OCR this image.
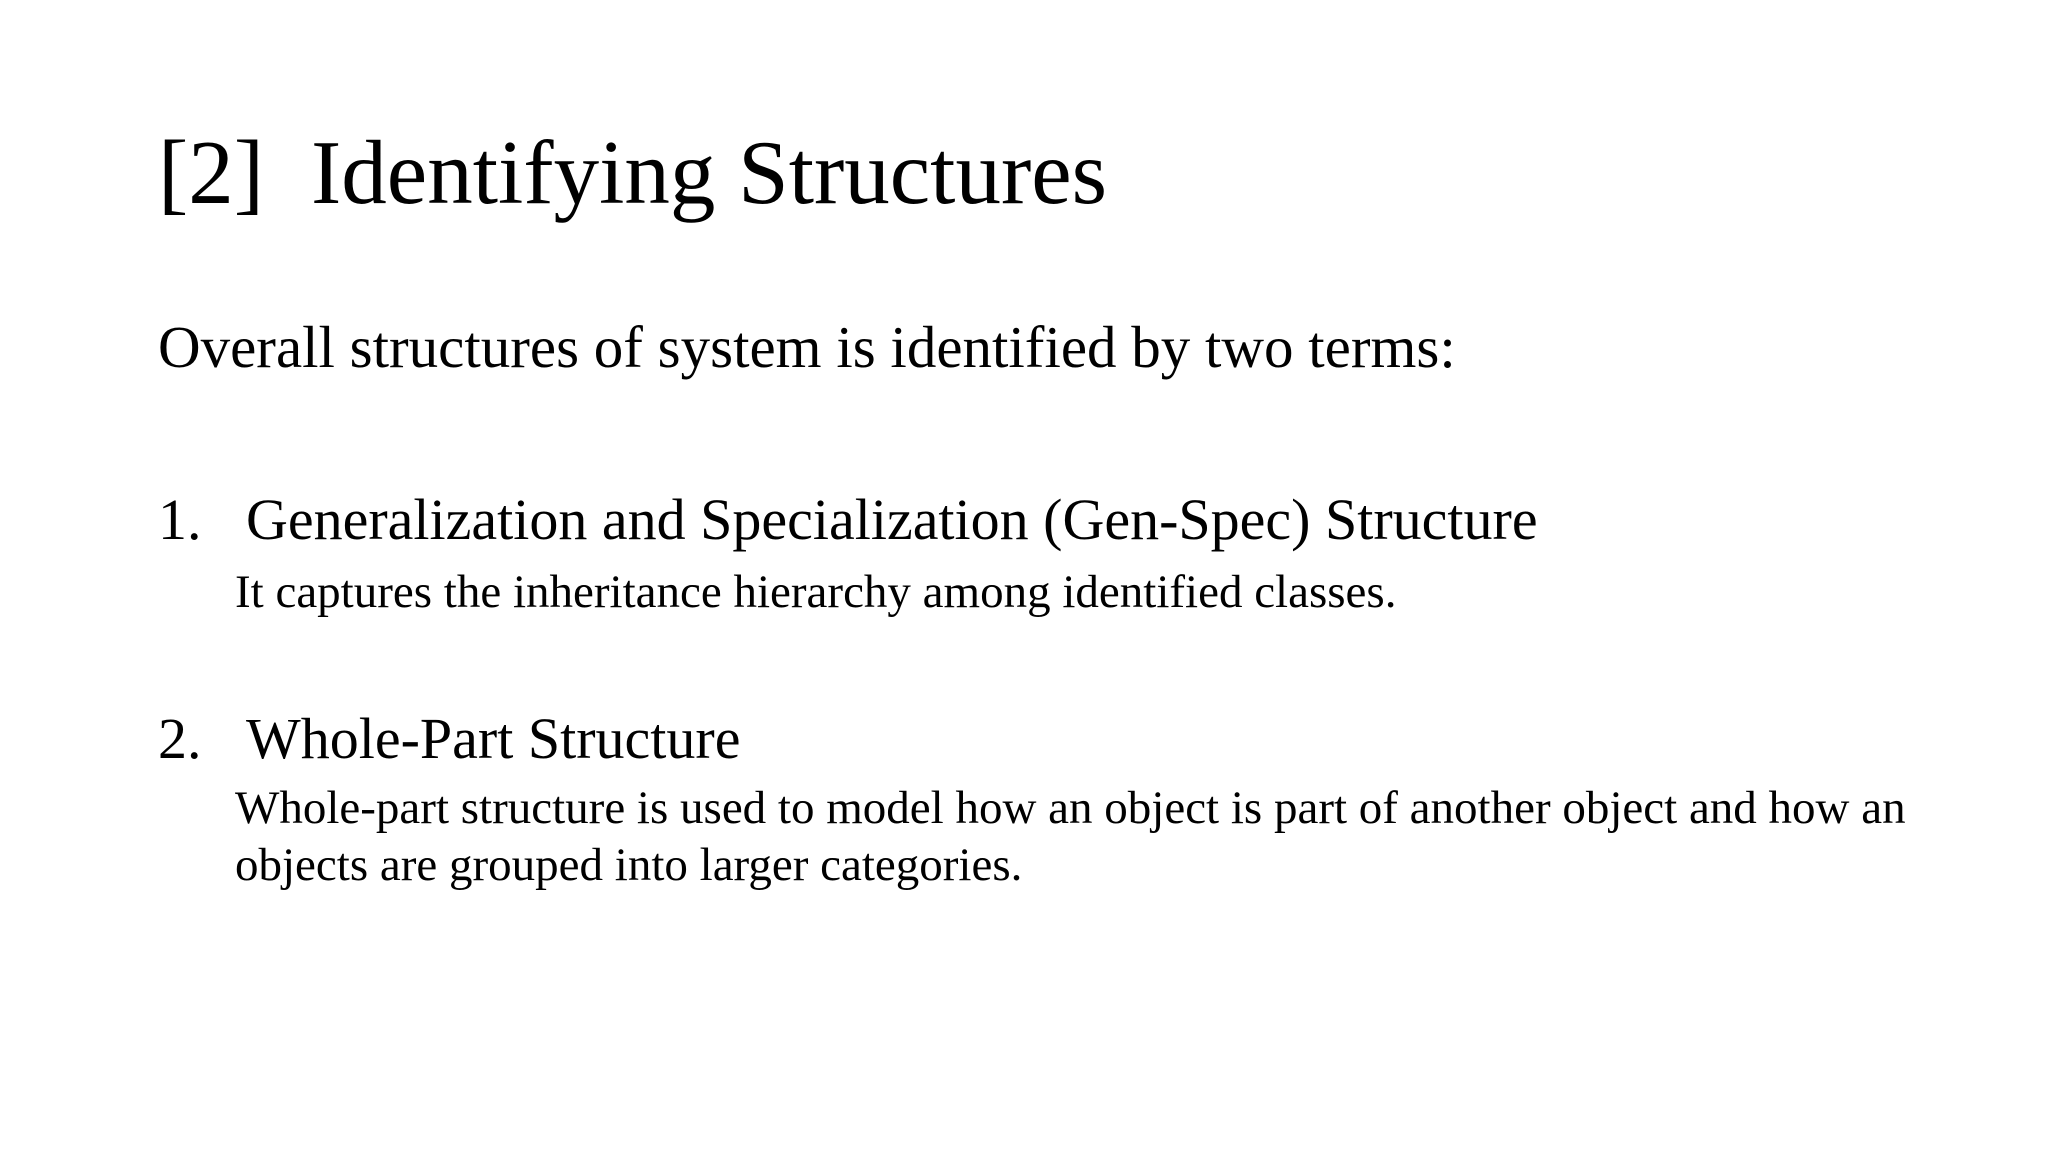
[2] Identifying Structures
Overall structures of system is identified by two terms:
1. Generalization and Specialization (Gen-Spec) Structure
It captures the inheritance hierarchy among identified classes.
2. Whole-Part Structure
Whole-part structure is used to model how an object is part of another object and how an objects are grouped into larger categories.
